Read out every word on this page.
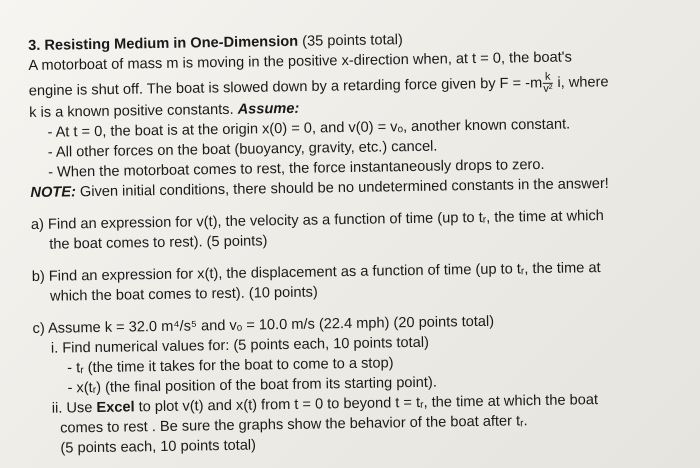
3. Resisting Medium in One-Dimension (35 points total)
A motorboat of mass m is moving in the positive x-direction when, at t = 0, the boat's
engine is shut off. The boat is slowed down by a retarding force given by $F = -m \frac{k}{\text{v²}} i$, where
k is a known positive constants. Assume:
- At t = 0, the boat is at the origin x(0) = 0, and v(0) = vₒ, another known constant.
- All other forces on the boat (buoyancy, gravity, etc.) cancel.
- When the motorboat comes to rest, the force instantaneously drops to zero.
NOTE: Given initial conditions, there should be no undetermined constants in the answer!
a) Find an expression for v(t), the velocity as a function of time (up to tᵣ, the time at which
the boat comes to rest). (5 points)
b) Find an expression for x(t), the displacement as a function of time (up to tᵣ, the time at
which the boat comes to rest). (10 points)
c) Assume k = 32.0 m⁴/s⁵ and vₒ = 10.0 m/s (22.4 mph) (20 points total)
i. Find numerical values for: (5 points each, 10 points total)
- tᵣ (the time it takes for the boat to come to a stop)
- x(tᵣ) (the final position of the boat from its starting point).
ii. Use Excel to plot v(t) and x(t) from t = 0 to beyond t = tᵣ, the time at which the boat
comes to rest . Be sure the graphs show the behavior of the boat after tᵣ.
(5 points each, 10 points total)
